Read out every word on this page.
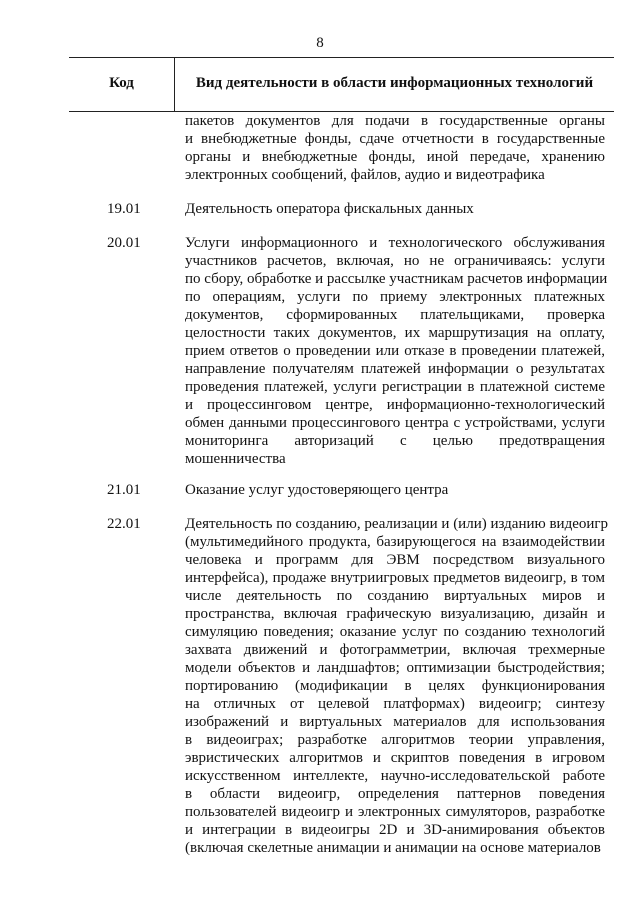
8
Код	Вид деятельности в области информационных технологий
пакетов документов для подачи в государственные органы
и внебюджетные фонды, сдаче отчетности в государственные
органы и внебюджетные фонды, иной передаче, хранению
электронных сообщений, файлов, аудио и видеотрафика
19.01	Деятельность оператора фискальных данных
20.01	Услуги информационного и технологического обслуживания
участников расчетов, включая, но не ограничиваясь: услуги
по сбору, обработке и рассылке участникам расчетов информации
по операциям, услуги по приему электронных платежных
документов, сформированных плательщиками, проверка
целостности таких документов, их маршрутизация на оплату,
прием ответов о проведении или отказе в проведении платежей,
направление получателям платежей информации о результатах
проведения платежей, услуги регистрации в платежной системе
и процессинговом центре, информационно-технологический
обмен данными процессингового центра с устройствами, услуги
мониторинга авторизаций с целью предотвращения
мошенничества
21.01	Оказание услуг удостоверяющего центра
22.01	Деятельность по созданию, реализации и (или) изданию видеоигр
(мультимедийного продукта, базирующегося на взаимодействии
человека и программ для ЭВМ посредством визуального
интерфейса), продаже внутриигровых предметов видеоигр, в том
числе деятельность по созданию виртуальных миров и
пространства, включая графическую визуализацию, дизайн и
симуляцию поведения; оказание услуг по созданию технологий
захвата движений и фотограмметрии, включая трехмерные
модели объектов и ландшафтов; оптимизации быстродействия;
портированию (модификации в целях функционирования
на отличных от целевой платформах) видеоигр; синтезу
изображений и виртуальных материалов для использования
в видеоиграх; разработке алгоритмов теории управления,
эвристических алгоритмов и скриптов поведения в игровом
искусственном интеллекте, научно-исследовательской работе
в области видеоигр, определения паттернов поведения
пользователей видеоигр и электронных симуляторов, разработке
и интеграции в видеоигры 2D и 3D-анимирования объектов
(включая скелетные анимации и анимации на основе материалов
